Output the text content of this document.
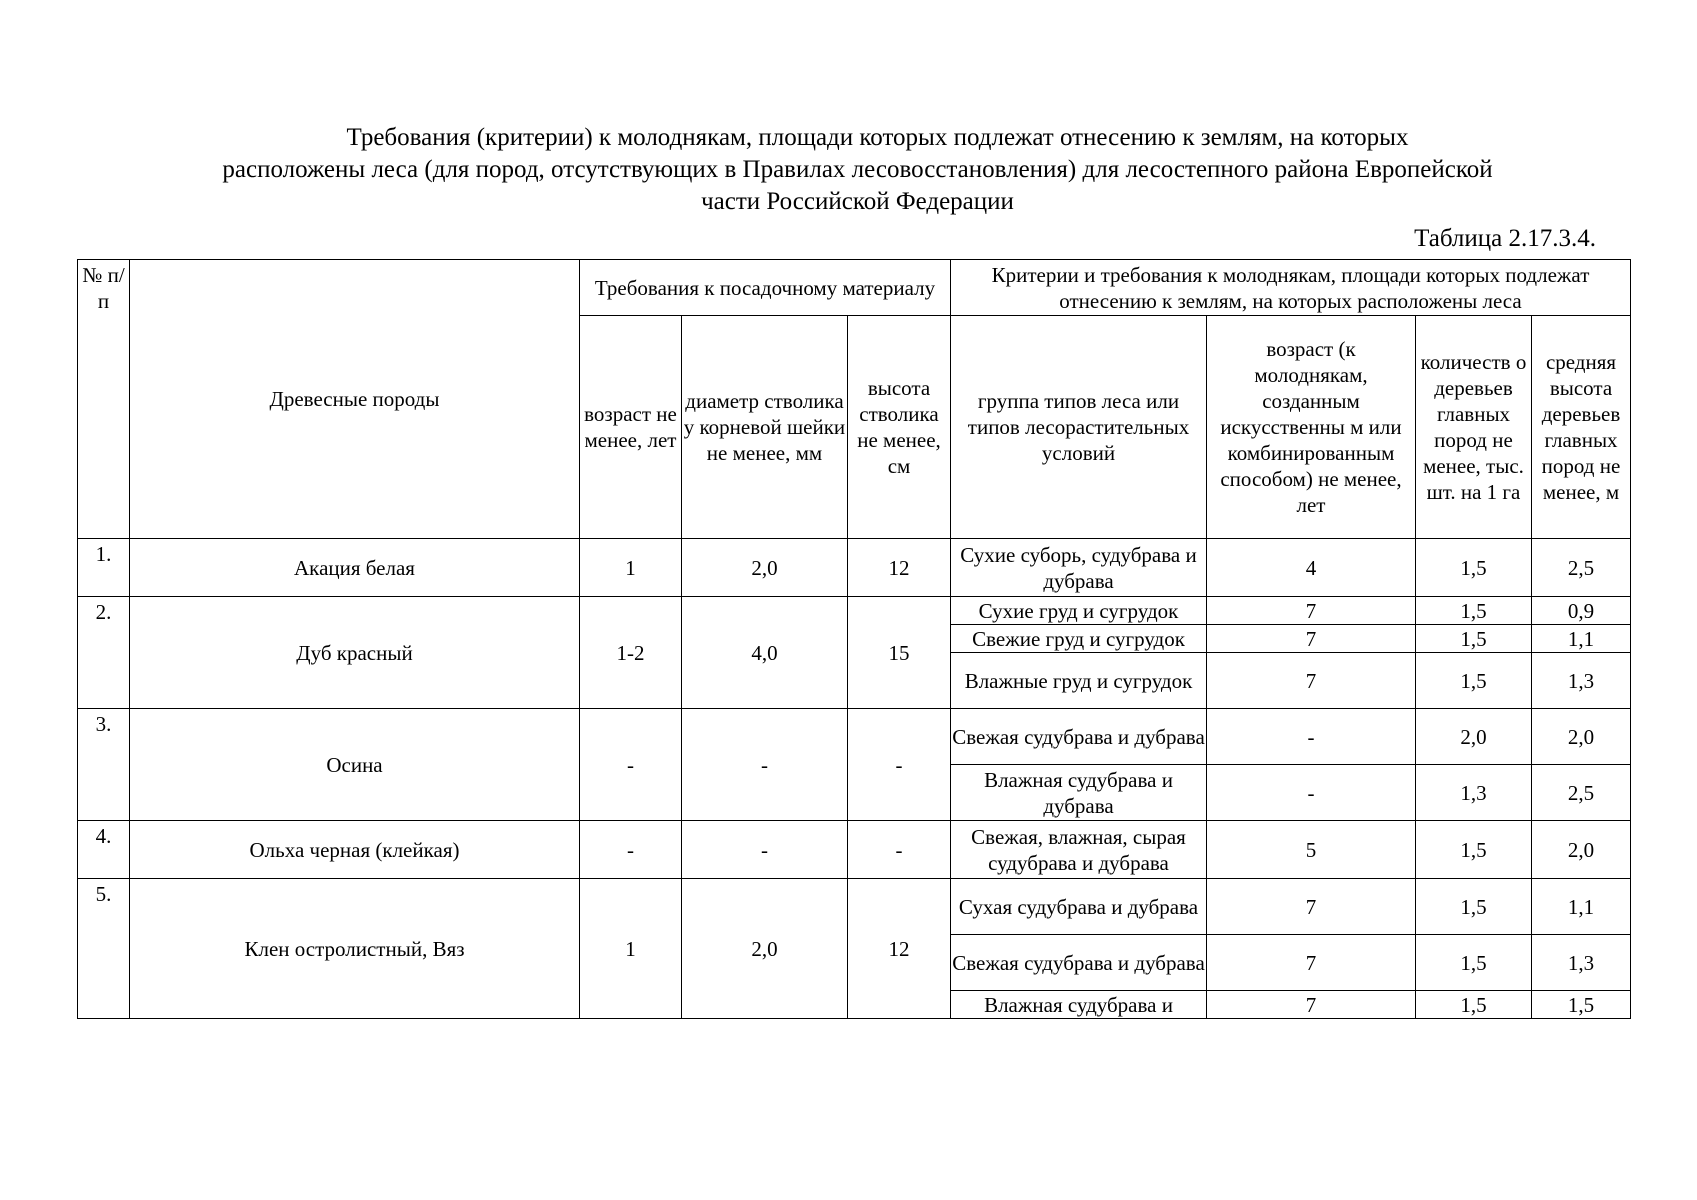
Требования (критерии) к молоднякам, площади которых подлежат отнесению к землям, на которых
расположены леса (для пород, отсутствующих в Правилах лесовосстановления) для лесостепного района Европейской
части Российской Федерации
Таблица 2.17.3.4.
№ п/п	Древесные породы	Требования к посадочному материалу			Критерии и требования к молоднякам, площади которых подлежат отнесению к землям, на которых расположены леса			
		возраст не менее, лет	диаметр стволика у корневой шейки не менее, мм	высота стволика не менее, см	группа типов леса или типов лесорастительных условий	возраст (к молоднякам, созданным искусственны м или комбинированным способом) не менее, лет	количеств о деревьев главных пород не менее, тыс. шт. на 1 га	средняя высота деревьев главных пород не менее, м
1.	Акация белая	1	2,0	12	Сухие суборь, судубрава и дубрава	4	1,5	2,5
2.	Дуб красный	1-2	4,0	15	Сухие груд и сугрудок	7	1,5	0,9
					Свежие груд и сугрудок	7	1,5	1,1
					Влажные груд и сугрудок	7	1,5	1,3
3.	Осина	-	-	-	Свежая судубрава и дубрава	-	2,0	2,0
					Влажная судубрава и дубрава	-	1,3	2,5
4.	Ольха черная (клейкая)	-	-	-	Свежая, влажная, сырая судубрава и дубрава	5	1,5	2,0
5.	Клен остролистный, Вяз	1	2,0	12	Сухая судубрава и дубрава	7	1,5	1,1
					Свежая судубрава и дубрава	7	1,5	1,3
					Влажная судубрава и	7	1,5	1,5
